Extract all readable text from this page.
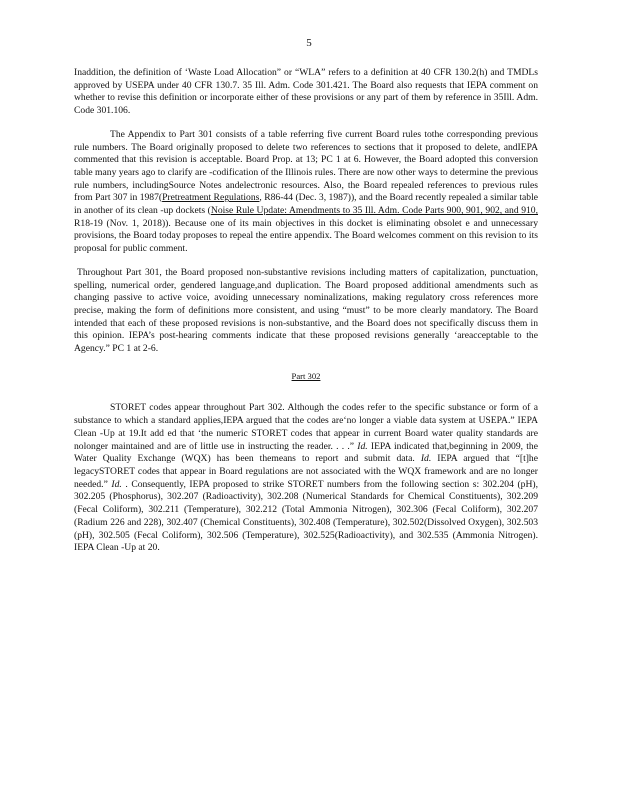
5

Inaddition, the definition of ‘Waste Load Allocation” or “WLA” refers to a definition at 40 CFR 130.2(h) and TMDLs approved by USEPA under 40 CFR 130.7. 35 Ill. Adm. Code 301.421. The Board also requests that IEPA comment on whether to revise this definition or incorporate either of these provisions or any part of them by reference in 35Ill. Adm. Code 301.106.

The Appendix to Part 301 consists of a table referring five current Board rules tothe corresponding previous rule numbers. The Board originally proposed to delete two references to sections that it proposed to delete, andIEPA commented that this revision is acceptable. Board Prop. at 13; PC 1 at 6. However, the Board adopted this conversion table many years ago to clarify are -codification of the Illinois rules. There are now other ways to determine the previous rule numbers, includingSource Notes andelectronic resources. Also, the Board repealed references to previous rules from Part 307 in 1987(Pretreatment Regulations, R86-44 (Dec. 3, 1987)), and the Board recently repealed a similar table in another of its clean -up dockets (Noise Rule Update: Amendments to 35 Ill. Adm. Code Parts 900, 901, 902, and 910, R18-19 (Nov. 1, 2018)). Because one of its main objectives in this docket is eliminating obsolet e and unnecessary provisions, the Board today proposes to repeal the entire appendix. The Board welcomes comment on this revision to its proposal for public comment.

Throughout Part 301, the Board proposed non-substantive revisions including matters of capitalization, punctuation, spelling, numerical order, gendered language,and duplication. The Board proposed additional amendments such as changing passive to active voice, avoiding unnecessary nominalizations, making regulatory cross references more precise, making the form of definitions more consistent, and using “must” to be more clearly mandatory. The Board intended that each of these proposed revisions is non-substantive, and the Board does not specifically discuss them in this opinion. IEPA’s post-hearing comments indicate that these proposed revisions generally ‘areacceptable to the Agency.” PC 1 at 2-6.

Part 302

STORET codes appear throughout Part 302. Although the codes refer to the specific substance or form of a substance to which a standard applies,IEPA argued that the codes are‘no longer a viable data system at USEPA.” IEPA Clean -Up at 19.It add ed that ‘the numeric STORET codes that appear in current Board water quality standards are nolonger maintained and are of little use in instructing the reader. . . .” Id. IEPA indicated that,beginning in 2009, the Water Quality Exchange (WQX) has been themeans to report and submit data. Id. IEPA argued that “[t]he legacySTORET codes that appear in Board regulations are not associated with the WQX framework and are no longer needed.” Id. . Consequently, IEPA proposed to strike STORET numbers from the following section s: 302.204 (pH), 302.205 (Phosphorus), 302.207 (Radioactivity), 302.208 (Numerical Standards for Chemical Constituents), 302.209 (Fecal Coliform), 302.211 (Temperature), 302.212 (Total Ammonia Nitrogen), 302.306 (Fecal Coliform), 302.207 (Radium 226 and 228), 302.407 (Chemical Constituents), 302.408 (Temperature), 302.502(Dissolved Oxygen), 302.503 (pH), 302.505 (Fecal Coliform), 302.506 (Temperature), 302.525(Radioactivity), and 302.535 (Ammonia Nitrogen). IEPA Clean -Up at 20.
